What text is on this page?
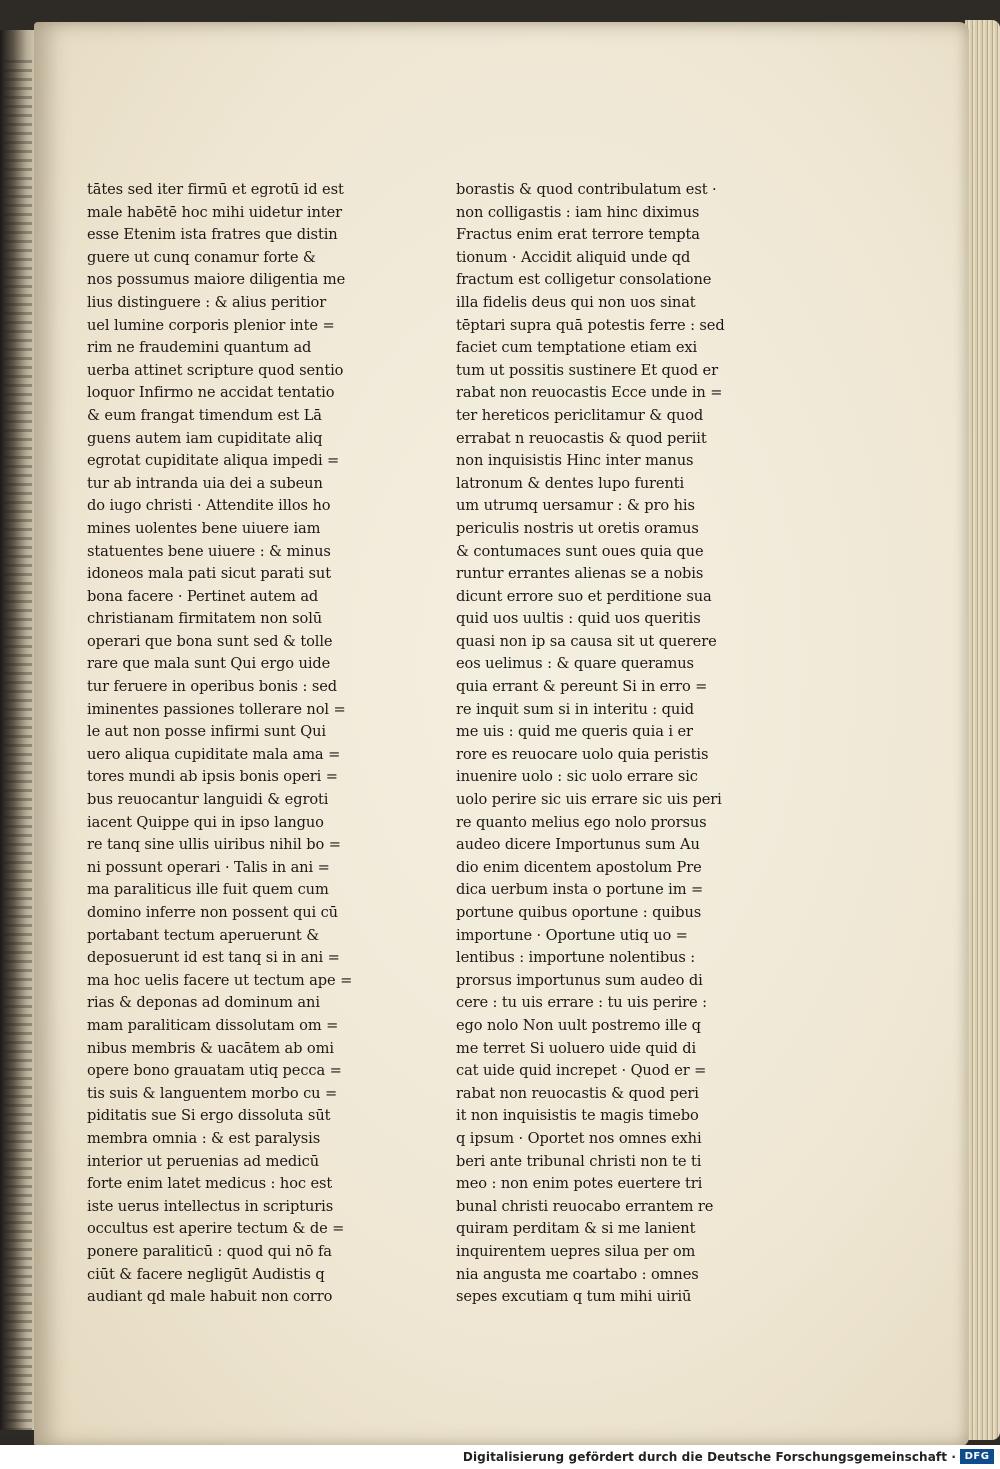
tātes sed iter firmū et egrotū id est
male habētē hoc mihi uidetur inter
esse Etenim ista fratres que distin
guere ut cunq conamur forte &
nos possumus maiore diligentia me
lius distinguere : & alius peritior
uel lumine corporis plenior inte =
rim ne fraudemini quantum ad
uerba attinet scripture quod sentio
loquor Infirmo ne accidat tentatio
& eum frangat timendum est Lā
guens autem iam cupiditate aliq
egrotat cupiditate aliqua impedi =
tur ab intranda uia dei a subeun
do iugo christi · Attendite illos ho
mines uolentes bene uiuere iam
statuentes bene uiuere : & minus
idoneos mala pati sicut parati sut
bona facere · Pertinet autem ad
christianam firmitatem non solū
operari que bona sunt sed & tolle
rare que mala sunt Qui ergo uide
tur feruere in operibus bonis : sed
iminentes passiones tollerare nol =
le aut non posse infirmi sunt Qui
uero aliqua cupiditate mala ama =
tores mundi ab ipsis bonis operi =
bus reuocantur languidi & egroti
iacent Quippe qui in ipso languo
re tanq sine ullis uiribus nihil bo =
ni possunt operari · Talis in ani =
ma paraliticus ille fuit quem cum
domino inferre non possent qui cū
portabant tectum aperuerunt &
deposuerunt id est tanq si in ani =
ma hoc uelis facere ut tectum ape =
rias & deponas ad dominum ani
mam paraliticam dissolutam om =
nibus membris & uacātem ab omi
opere bono grauatam utiq pecca =
tis suis & languentem morbo cu =
piditatis sue Si ergo dissoluta sūt
membra omnia : & est paralysis
interior ut peruenias ad medicū
forte enim latet medicus : hoc est
iste uerus intellectus in scripturis
occultus est aperire tectum & de =
ponere paraliticū : quod qui nō fa
ciūt & facere negligūt Audistis q
audiant qd male habuit non corro
borastis & quod contribulatum est ·
non colligastis : iam hinc diximus
Fractus enim erat terrore tempta
tionum · Accidit aliquid unde qd
fractum est colligetur consolatione
illa fidelis deus qui non uos sinat
tēptari supra quā potestis ferre : sed
faciet cum temptatione etiam exi
tum ut possitis sustinere Et quod er
rabat non reuocastis Ecce unde in =
ter hereticos periclitamur & quod
errabat n reuocastis & quod periit
non inquisistis Hinc inter manus
latronum & dentes lupo furenti
um utrumq uersamur : & pro his
periculis nostris ut oretis oramus
& contumaces sunt oues quia que
runtur errantes alienas se a nobis
dicunt errore suo et perditione sua
quid uos uultis : quid uos queritis
quasi non ip sa causa sit ut querere
eos uelimus : & quare queramus
quia errant & pereunt Si in erro =
re inquit sum si in interitu : quid
me uis : quid me queris quia i er
rore es reuocare uolo quia peristis
inuenire uolo : sic uolo errare sic
uolo perire sic uis errare sic uis peri
re quanto melius ego nolo prorsus
audeo dicere Importunus sum Au
dio enim dicentem apostolum Pre
dica uerbum insta o portune im =
portune quibus oportune : quibus
importune · Oportune utiq uo =
lentibus : importune nolentibus :
prorsus importunus sum audeo di
cere : tu uis errare : tu uis perire :
ego nolo Non uult postremo ille q
me terret Si uoluero uide quid di
cat uide quid increpet · Quod er =
rabat non reuocastis & quod peri
it non inquisistis te magis timebo
q ipsum · Oportet nos omnes exhi
beri ante tribunal christi non te ti
meo : non enim potes euertere tri
bunal christi reuocabo errantem re
quiram perditam & si me lanient
inquirentem uepres silua per om
nia angusta me coartabo : omnes
sepes excutiam q tum mihi uiriū
Digitalisierung gefördert durch die Deutsche Forschungsgemeinschaft · DFG
